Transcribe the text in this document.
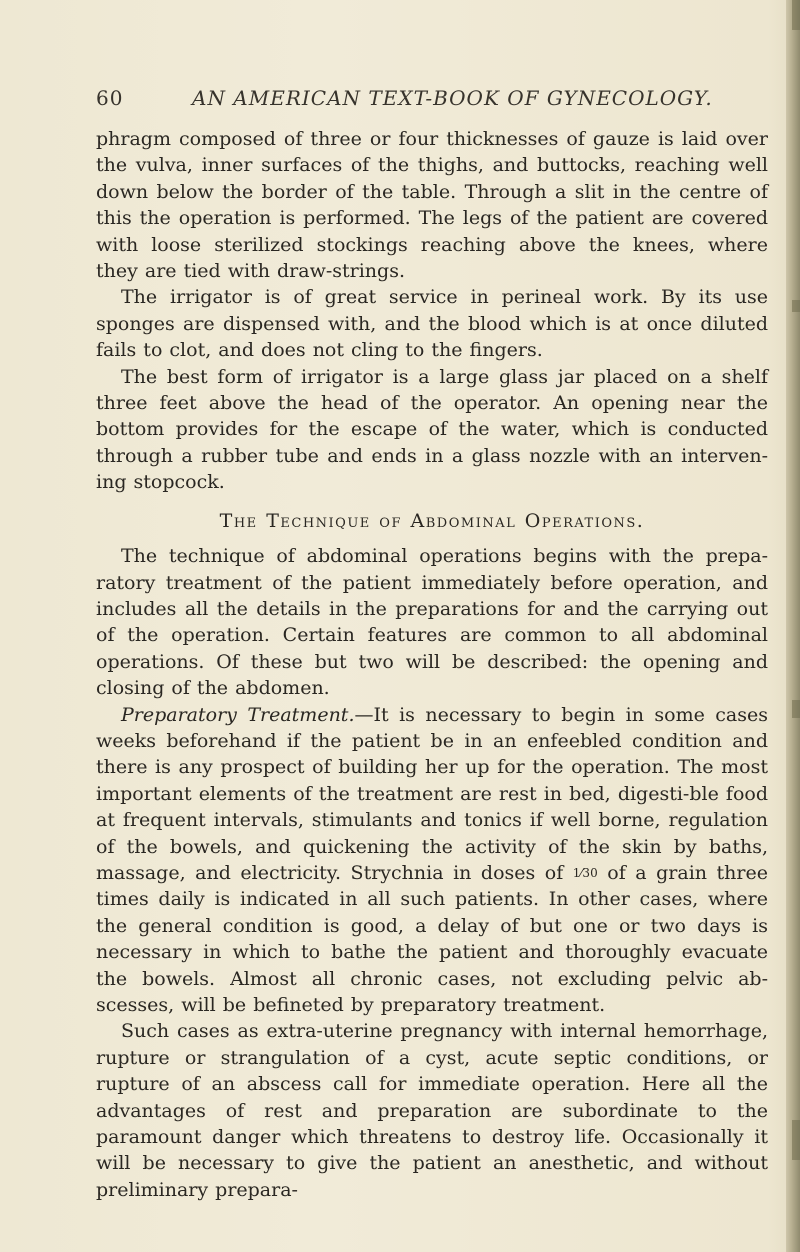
60	AN AMERICAN TEXT-BOOK OF GYNECOLOGY.

phragm composed of three or four thicknesses of gauze is laid over the vulva, inner surfaces of the thighs, and buttocks, reaching well down below the border of the table. Through a slit in the centre of this the operation is performed. The legs of the patient are covered with loose sterilized stockings reaching above the knees, where they are tied with draw-strings.

The irrigator is of great service in perineal work. By its use sponges are dispensed with, and the blood which is at once diluted fails to clot, and does not cling to the fingers.

The best form of irrigator is a large glass jar placed on a shelf three feet above the head of the operator. An opening near the bottom provides for the escape of the water, which is conducted through a rubber tube and ends in a glass nozzle with an interven-ing stopcock.

The Technique of Abdominal Operations.

The technique of abdominal operations begins with the prepa-ratory treatment of the patient immediately before operation, and includes all the details in the preparations for and the carrying out of the operation. Certain features are common to all abdominal operations. Of these but two will be described: the opening and closing of the abdomen.

Preparatory Treatment.—It is necessary to begin in some cases weeks beforehand if the patient be in an enfeebled condition and there is any prospect of building her up for the operation. The most important elements of the treatment are rest in bed, digesti-ble food at frequent intervals, stimulants and tonics if well borne, regulation of the bowels, and quickening the activity of the skin by baths, massage, and electricity. Strychnia in doses of 1⁄30 of a grain three times daily is indicated in all such patients. In other cases, where the general condition is good, a delay of but one or two days is necessary in which to bathe the patient and thoroughly evacuate the bowels. Almost all chronic cases, not excluding pelvic ab-scesses, will be befineted by preparatory treatment.

Such cases as extra-uterine pregnancy with internal hemorrhage, rupture or strangulation of a cyst, acute septic conditions, or rupture of an abscess call for immediate operation. Here all the advantages of rest and preparation are subordinate to the paramount danger which threatens to destroy life. Occasionally it will be necessary to give the patient an anesthetic, and without preliminary prepara-
